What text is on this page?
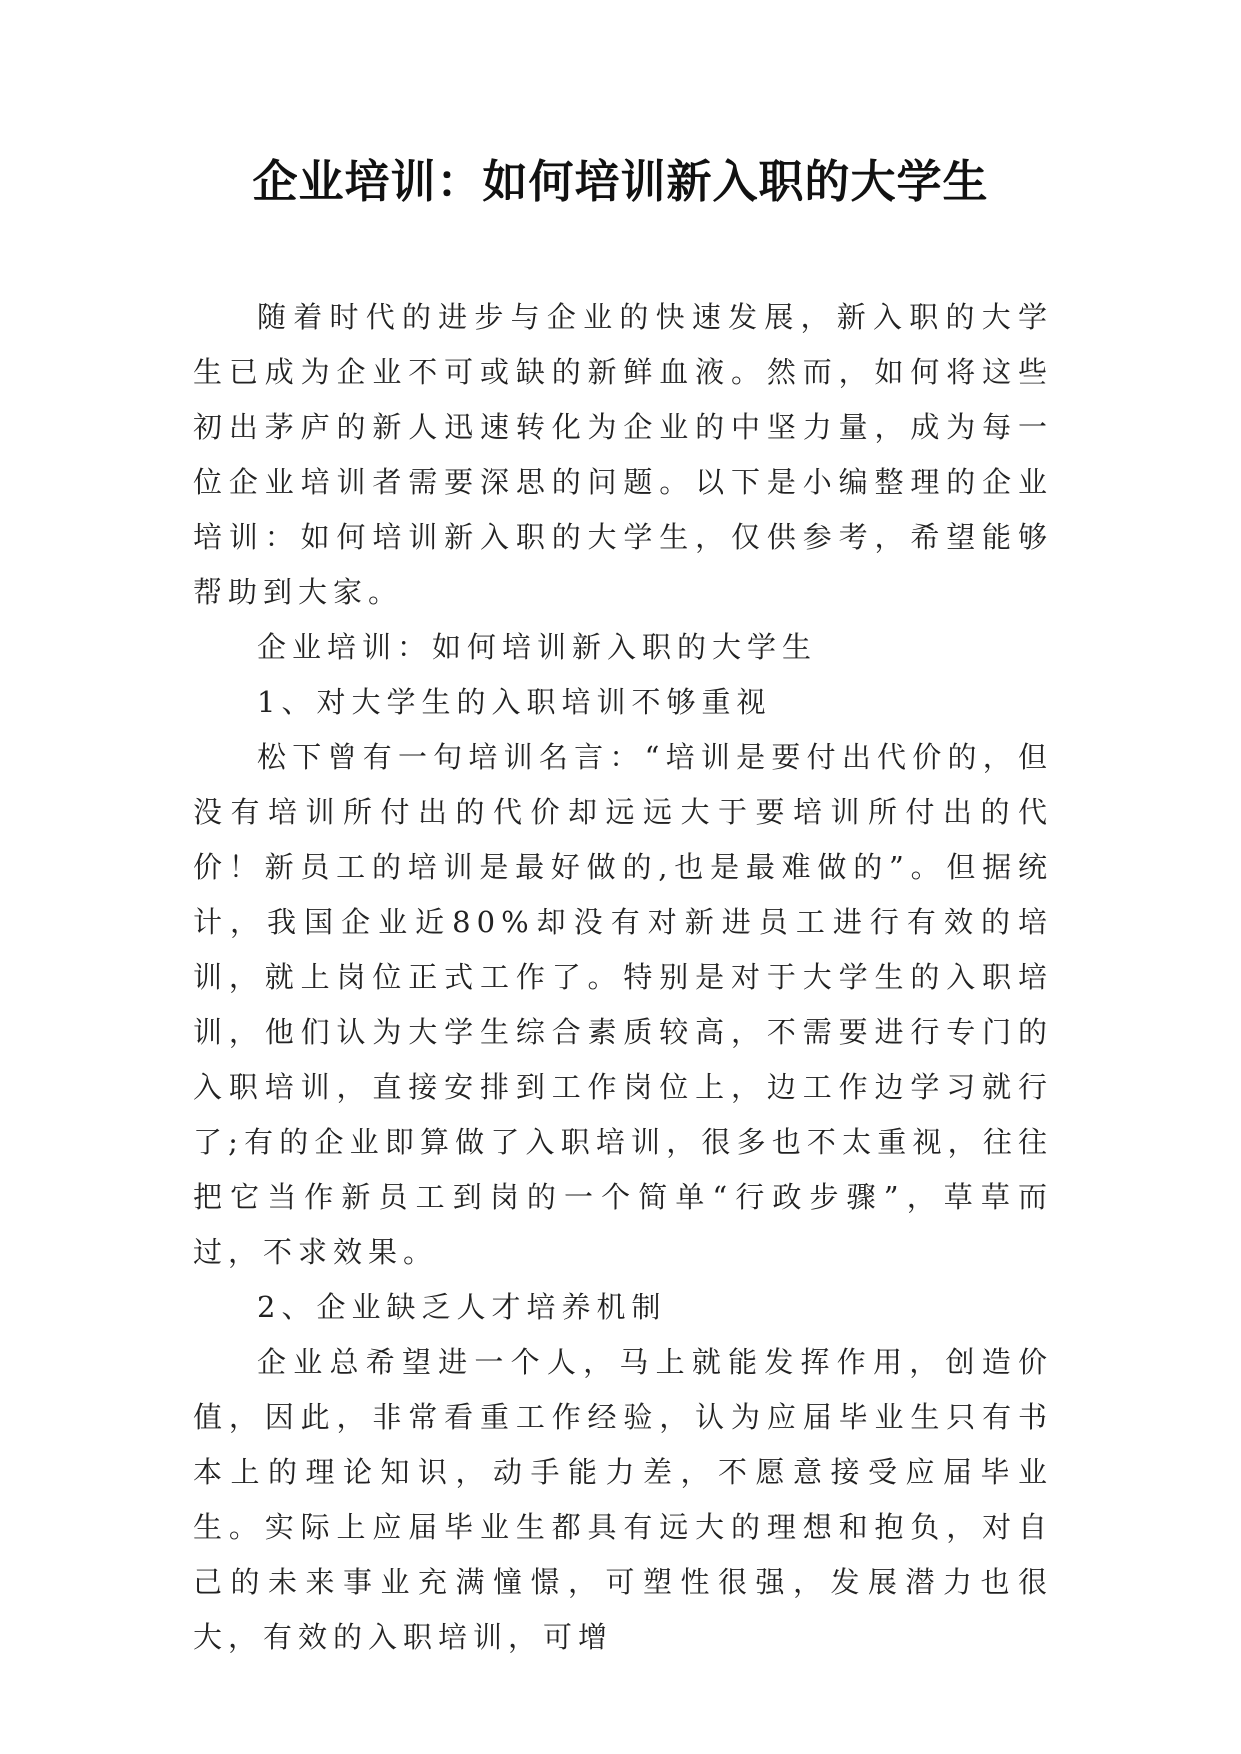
企业培训：如何培训新入职的大学生

随着时代的进步与企业的快速发展，新入职的大学生已成为企业不可或缺的新鲜血液。然而，如何将这些初出茅庐的新人迅速转化为企业的中坚力量，成为每一位企业培训者需要深思的问题。以下是小编整理的企业培训：如何培训新入职的大学生，仅供参考，希望能够帮助到大家。

企业培训：如何培训新入职的大学生

1、对大学生的入职培训不够重视

松下曾有一句培训名言：“培训是要付出代价的，但没有培训所付出的代价却远远大于要培训所付出的代价！新员工的培训是最好做的,也是最难做的”。但据统计，我国企业近80%却没有对新进员工进行有效的培训，就上岗位正式工作了。特别是对于大学生的入职培训，他们认为大学生综合素质较高，不需要进行专门的入职培训，直接安排到工作岗位上，边工作边学习就行了;有的企业即算做了入职培训，很多也不太重视，往往把它当作新员工到岗的一个简单“行政步骤”，草草而过，不求效果。

2、企业缺乏人才培养机制

企业总希望进一个人，马上就能发挥作用，创造价值，因此，非常看重工作经验，认为应届毕业生只有书本上的理论知识，动手能力差，不愿意接受应届毕业生。实际上应届毕业生都具有远大的理想和抱负，对自己的未来事业充满憧憬，可塑性很强，发展潜力也很大，有效的入职培训，可增
